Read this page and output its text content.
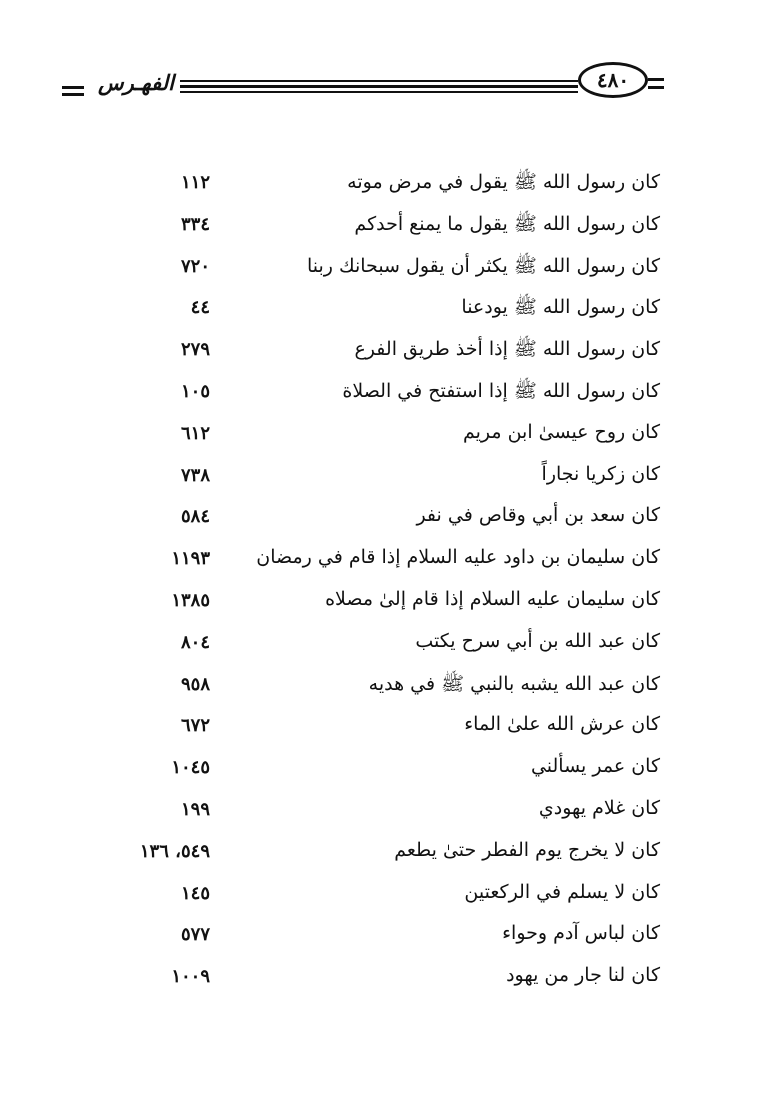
الفهـرس	٤٨٠
كان رسول الله ﷺ يقول في مرض موته
١١٢
كان رسول الله ﷺ يقول ما يمنع أحدكم
٣٣٤
كان رسول الله ﷺ يكثر أن يقول سبحانك ربنا
٧٢٠
كان رسول الله ﷺ يودعنا
٤٤
كان رسول الله ﷺ إذا أخذ طريق الفرع
٢٧٩
كان رسول الله ﷺ إذا استفتح في الصلاة
١٠٥
كان روح عيسىٰ ابن مريم
٦١٢
كان زكريا نجاراً
٧٣٨
كان سعد بن أبي وقاص في نفر
٥٨٤
كان سليمان بن داود عليه السلام إذا قام في رمضان
١١٩٣
كان سليمان عليه السلام إذا قام إلىٰ مصلاه
١٣٨٥
كان عبد الله بن أبي سرح يكتب
٨٠٤
كان عبد الله يشبه بالنبي ﷺ في هديه
٩٥٨
كان عرش الله علىٰ الماء
٦٧٢
كان عمر يسألني
١٠٤٥
كان غلام يهودي
١٩٩
كان لا يخرج يوم الفطر حتىٰ يطعم
٥٤٩، ١٣٦
كان لا يسلم في الركعتين
١٤٥
كان لباس آدم وحواء
٥٧٧
كان لنا جار من يهود
١٠٠٩
